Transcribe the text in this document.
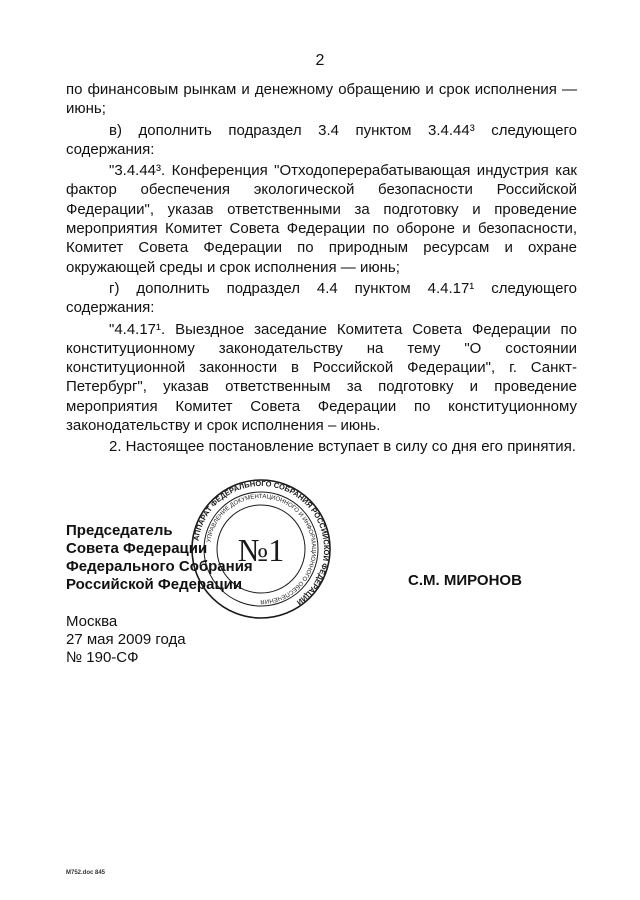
2

по финансовым рынкам и денежному обращению и срок исполнения — июнь;

в) дополнить подраздел 3.4 пунктом 3.4.44³ следующего содержания:

"3.4.44³. Конференция "Отходоперерабатывающая индустрия как фактор обеспечения экологической безопасности Российской Федерации", указав ответственными за подготовку и проведение мероприятия Комитет Совета Федерации по обороне и безопасности, Комитет Совета Федерации по природным ресурсам и охране окружающей среды и срок исполнения — июнь;

г) дополнить подраздел 4.4 пунктом 4.4.17¹ следующего содержания:

"4.4.17¹. Выездное заседание Комитета Совета Федерации по конституционному законодательству на тему "О состоянии конституционной законности в Российской Федерации", г. Санкт-Петербург", указав ответственным за подготовку и проведение мероприятия Комитет Совета Федерации по конституционному законодательству и срок исполнения – июнь.

2. Настоящее постановление вступает в силу со дня его принятия.

Председатель
Совета Федерации
Федерального Собрания
Российской Федерации	С.М. МИРОНОВ
АППАРАТ ФЕДЕРАЛЬНОГО СОБРАНИЯ РОССИЙСКОЙ ФЕДЕРАЦИИ
УПРАВЛЕНИЕ ДОКУМЕНТАЦИОННОГО И ИНФОРМАЦИОННОГО ОБЕСПЕЧЕНИЯ
№1
Москва
27 мая 2009 года
№ 190-СФ
М752.doc 845
